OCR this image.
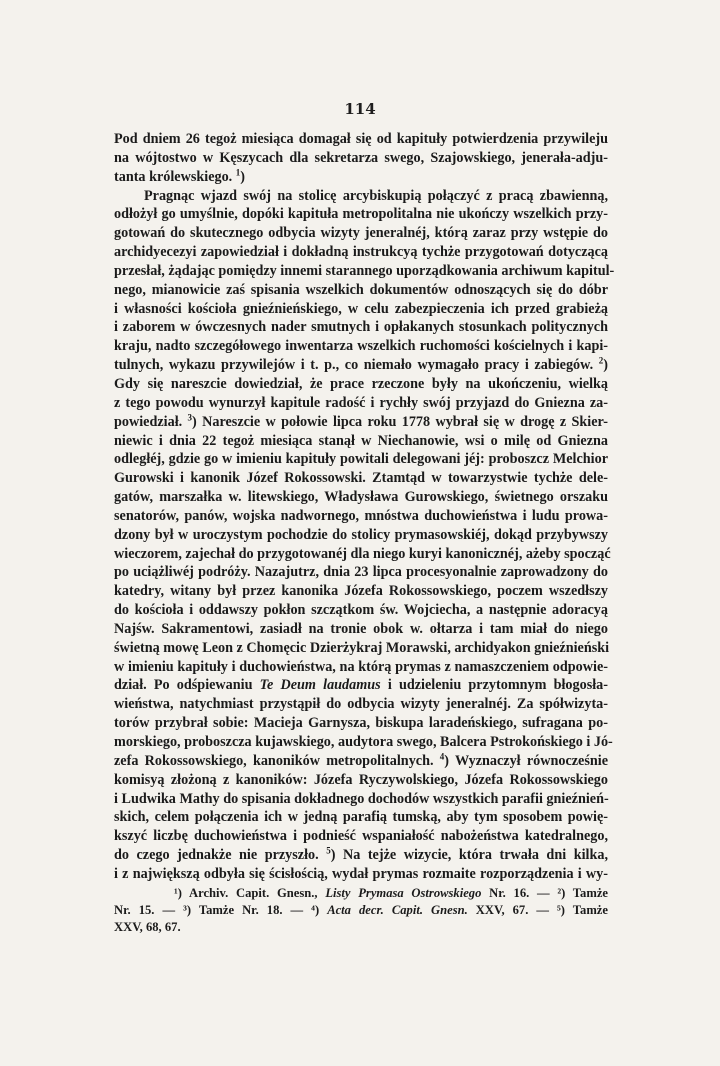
114
Pod dniem 26 tegoż miesiąca domagał się od kapituły potwierdzenia przywileju
na wójtostwo w Kęszycach dla sekretarza swego, Szajowskiego, jenerała-adju-
tanta królewskiego. $^1$)
Pragnąc wjazd swój na stolicę arcybiskupią połączyć z pracą zbawienną,
odłożył go umyślnie, dopóki kapituła metropolitalna nie ukończy wszelkich przy-
gotowań do skutecznego odbycia wizyty jeneralnéj, którą zaraz przy wstępie do
archidyecezyi zapowiedział i dokładną instrukcyą tychże przygotowań dotyczącą
przesłał, żądając pomiędzy innemi starannego uporządkowania archiwum kapitul-
nego, mianowicie zaś spisania wszelkich dokumentów odnoszących się do dóbr
i własności kościoła gnieźnieńskiego, w celu zabezpieczenia ich przed grabieżą
i zaborem w ówczesnych nader smutnych i opłakanych stosunkach politycznych
kraju, nadto szczegółowego inwentarza wszelkich ruchomości kościelnych i kapi-
tulnych, wykazu przywilejów i t. p., co niemało wymagało pracy i zabiegów. $^2$)
Gdy się nareszcie dowiedział, że prace rzeczone były na ukończeniu, wielką
z tego powodu wynurzył kapitule radość i rychły swój przyjazd do Gniezna za-
powiedział. $^3$) Nareszcie w połowie lipca roku 1778 wybrał się w drogę z Skier-
niewic i dnia 22 tegoż miesiąca stanął w Niechanowie, wsi o milę od Gniezna
odległéj, gdzie go w imieniu kapituły powitali delegowani jéj: proboszcz Melchior
Gurowski i kanonik Józef Rokossowski. Ztamtąd w towarzystwie tychże dele-
gatów, marszałka w. litewskiego, Władysława Gurowskiego, świetnego orszaku
senatorów, panów, wojska nadwornego, mnóstwa duchowieństwa i ludu prowa-
dzony był w uroczystym pochodzie do stolicy prymasowskiéj, dokąd przybywszy
wieczorem, zajechał do przygotowanéj dla niego kuryi kanonicznéj, ażeby spocząć
po uciążliwéj podróży. Nazajutrz, dnia 23 lipca procesyonalnie zaprowadzony do
katedry, witany był przez kanonika Józefa Rokossowskiego, poczem wszedłszy
do kościoła i oddawszy pokłon szczątkom św. Wojciecha, a następnie adoracyą
Najśw. Sakramentowi, zasiadł na tronie obok w. ołtarza i tam miał do niego
świetną mowę Leon z Chomęcic Dzierżykraj Morawski, archidyakon gnieźnieński
w imieniu kapituły i duchowieństwa, na którą prymas z namaszczeniem odpowie-
dział. Po odśpiewaniu Te Deum laudamus i udzieleniu przytomnym błogosła-
wieństwa, natychmiast przystąpił do odbycia wizyty jeneralnéj. Za spółwizyta-
torów przybrał sobie: Macieja Garnysza, biskupa laradeńskiego, sufragana po-
morskiego, proboszcza kujawskiego, audytora swego, Balcera Pstrokońskiego i Jó-
zefa Rokossowskiego, kanoników metropolitalnych. $^4$) Wyznaczył równocześnie
komisyą złożoną z kanoników: Józefa Ryczywolskiego, Józefa Rokossowskiego
i Ludwika Mathy do spisania dokładnego dochodów wszystkich parafii gnieźnień-
skich, celem połączenia ich w jedną parafią tumską, aby tym sposobem powię-
kszyć liczbę duchowieństwa i podnieść wspaniałość nabożeństwa katedralnego,
do czego jednakże nie przyszło. $^5$) Na tejże wizycie, która trwała dni kilka,
i z największą odbyła się ścisłością, wydał prymas rozmaite rozporządzenia i wy-
¹) Archiv. Capit. Gnesn., Listy Prymasa Ostrowskiego Nr. 16. — ²) Tamże
Nr. 15. — ³) Tamże Nr. 18. — ⁴) Acta decr. Capit. Gnesn. XXV, 67. — ⁵) Tamże
XXV, 68, 67.
